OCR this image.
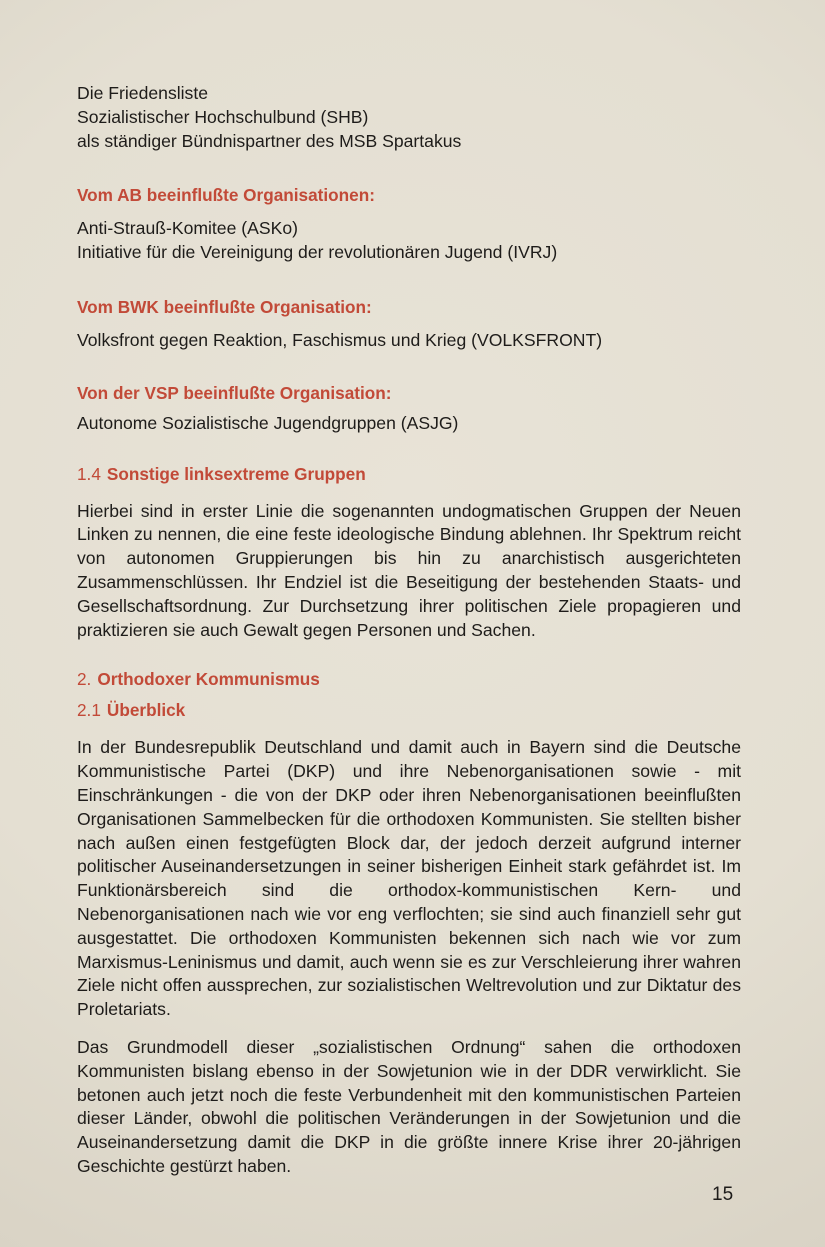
Die Friedensliste

Sozialistischer Hochschulbund (SHB)

als ständiger Bündnispartner des MSB Spartakus

Vom AB beeinflußte Organisationen:

Anti-Strauß-Komitee (ASKo)

Initiative für die Vereinigung der revolutionären Jugend (IVRJ)

Vom BWK beeinflußte Organisation:

Volksfront gegen Reaktion, Faschismus und Krieg (VOLKSFRONT)

Von der VSP beeinflußte Organisation:

Autonome Sozialistische Jugendgruppen (ASJG)

1.4 Sonstige linksextreme Gruppen

Hierbei sind in erster Linie die sogenannten undogmatischen Gruppen der Neuen Linken zu nennen, die eine feste ideologische Bindung ablehnen. Ihr Spektrum reicht von autonomen Gruppierungen bis hin zu anarchistisch ausgerichteten Zusammenschlüssen. Ihr Endziel ist die Beseitigung der bestehenden Staats- und Gesellschaftsordnung. Zur Durchsetzung ihrer politischen Ziele propagieren und praktizieren sie auch Gewalt gegen Personen und Sachen.

2. Orthodoxer Kommunismus

2.1 Überblick

In der Bundesrepublik Deutschland und damit auch in Bayern sind die Deutsche Kommunistische Partei (DKP) und ihre Nebenorganisationen sowie - mit Einschränkungen - die von der DKP oder ihren Nebenorganisationen beeinflußten Organisationen Sammelbecken für die orthodoxen Kommunisten. Sie stellten bisher nach außen einen festgefügten Block dar, der jedoch derzeit aufgrund interner politischer Auseinandersetzungen in seiner bisherigen Einheit stark gefährdet ist. Im Funktionärsbereich sind die orthodox-kommunistischen Kern- und Nebenorganisationen nach wie vor eng verflochten; sie sind auch finanziell sehr gut ausgestattet. Die orthodoxen Kommunisten bekennen sich nach wie vor zum Marxismus-Leninismus und damit, auch wenn sie es zur Verschleierung ihrer wahren Ziele nicht offen aussprechen, zur sozialistischen Weltrevolution und zur Diktatur des Proletariats.

Das Grundmodell dieser „sozialistischen Ordnung“ sahen die orthodoxen Kommunisten bislang ebenso in der Sowjetunion wie in der DDR verwirklicht. Sie betonen auch jetzt noch die feste Verbundenheit mit den kommunistischen Parteien dieser Länder, obwohl die politischen Veränderungen in der Sowjetunion und die Auseinandersetzung damit die DKP in die größte innere Krise ihrer 20-jährigen Geschichte gestürzt haben.

15
